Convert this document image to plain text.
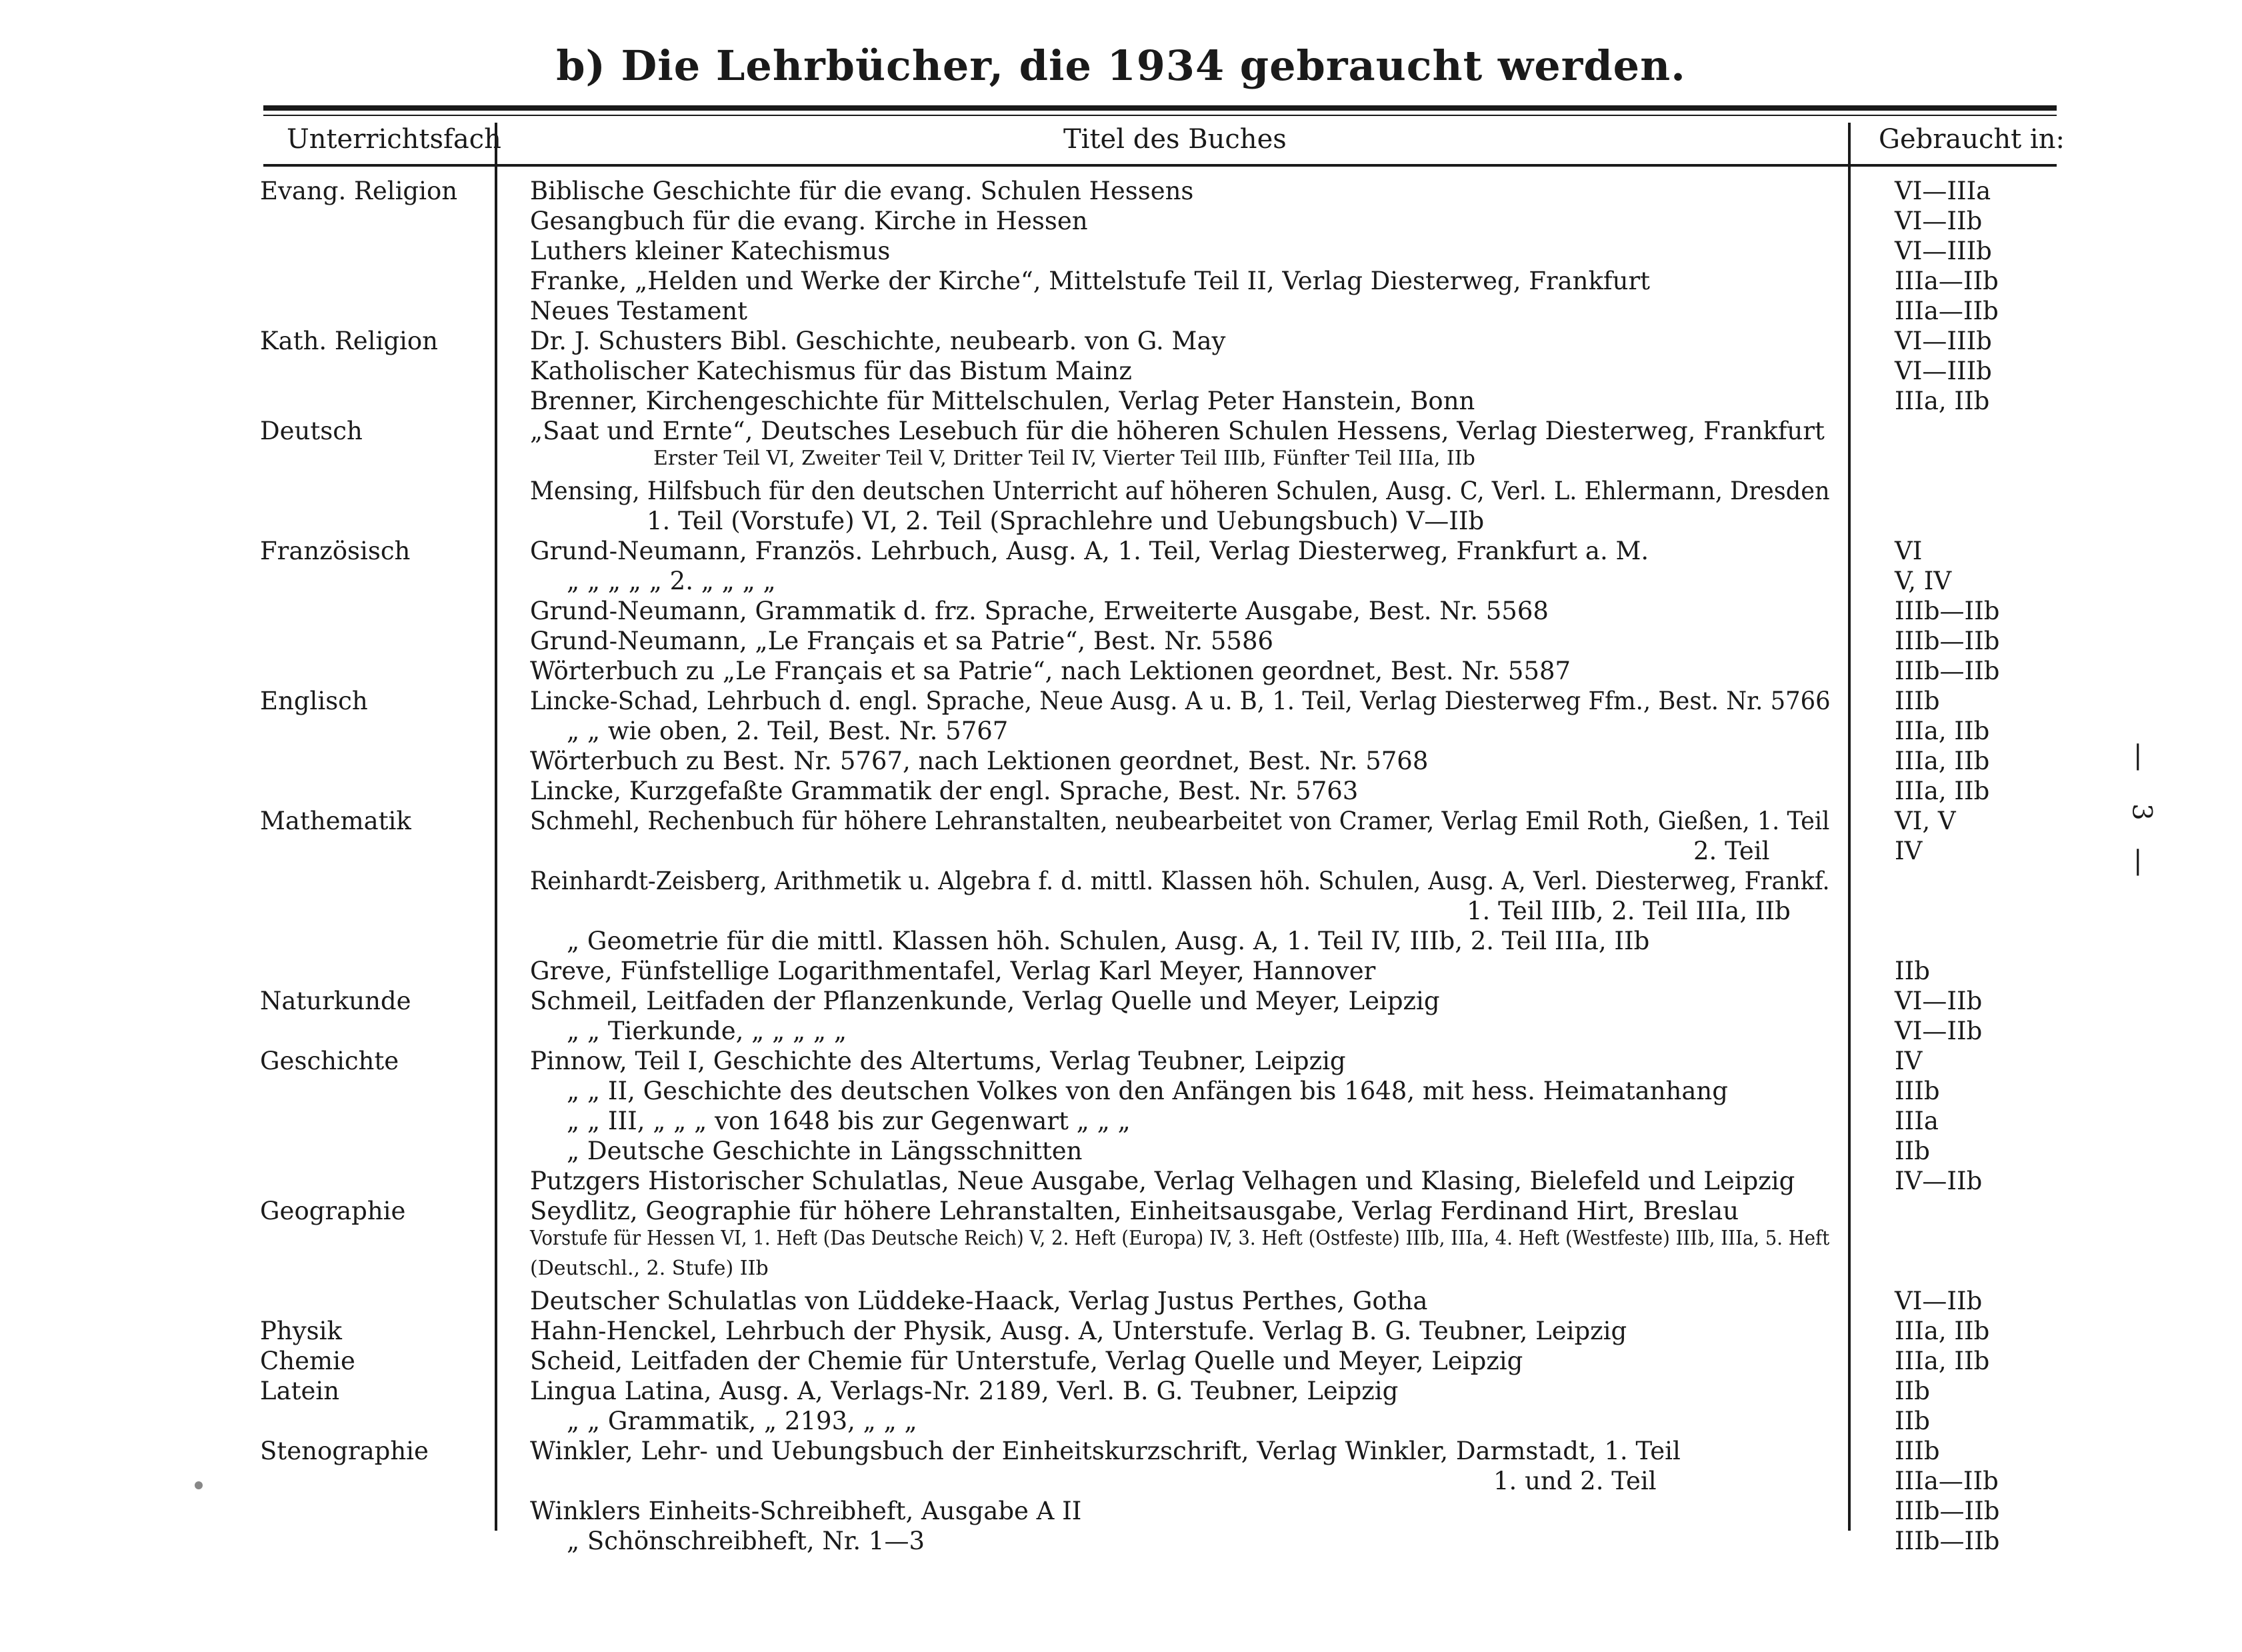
b) Die Lehrbücher, die 1934 gebraucht werden.
Unterrichtsfach	Titel des Buches	Gebraucht in:
Evang. Religion	Biblische Geschichte für die evang. Schulen Hessens	VI—IIIa
Gesangbuch für die evang. Kirche in Hessen	VI—IIb
Luthers kleiner Katechismus	VI—IIIb
Franke, „Helden und Werke der Kirche“, Mittelstufe Teil II, Verlag Diesterweg, Frankfurt	IIIa—IIb
Neues Testament	IIIa—IIb
Kath. Religion	Dr. J. Schusters Bibl. Geschichte, neubearb. von G. May	VI—IIIb
Katholischer Katechismus für das Bistum Mainz	VI—IIIb
Brenner, Kirchengeschichte für Mittelschulen, Verlag Peter Hanstein, Bonn	IIIa, IIb
Deutsch	„Saat und Ernte“, Deutsches Lesebuch für die höheren Schulen Hessens, Verlag Diesterweg, Frankfurt
Erster Teil VI, Zweiter Teil V, Dritter Teil IV, Vierter Teil IIIb, Fünfter Teil IIIa, IIb
Mensing, Hilfsbuch für den deutschen Unterricht auf höheren Schulen, Ausg. C, Verl. L. Ehlermann, Dresden
1. Teil (Vorstufe) VI, 2. Teil (Sprachlehre und Uebungsbuch) V—IIb
Französisch	Grund-Neumann, Französ. Lehrbuch, Ausg. A, 1. Teil, Verlag Diesterweg, Frankfurt a. M.	VI
„ „ „ „ „ 2. „ „ „ „	V, IV
Grund-Neumann, Grammatik d. frz. Sprache, Erweiterte Ausgabe, Best. Nr. 5568	IIIb—IIb
Grund-Neumann, „Le Français et sa Patrie“, Best. Nr. 5586	IIIb—IIb
Wörterbuch zu „Le Français et sa Patrie“, nach Lektionen geordnet, Best. Nr. 5587	IIIb—IIb
Englisch	Lincke-Schad, Lehrbuch d. engl. Sprache, Neue Ausg. A u. B, 1. Teil, Verlag Diesterweg Ffm., Best. Nr. 5766	IIIb
„ „ wie oben, 2. Teil, Best. Nr. 5767	IIIa, IIb
Wörterbuch zu Best. Nr. 5767, nach Lektionen geordnet, Best. Nr. 5768	IIIa, IIb
Lincke, Kurzgefaßte Grammatik der engl. Sprache, Best. Nr. 5763	IIIa, IIb
Mathematik	Schmehl, Rechenbuch für höhere Lehranstalten, neubearbeitet von Cramer, Verlag Emil Roth, Gießen, 1. Teil	VI, V
2. Teil	IV
Reinhardt-Zeisberg, Arithmetik u. Algebra f. d. mittl. Klassen höh. Schulen, Ausg. A, Verl. Diesterweg, Frankf.
1. Teil IIIb, 2. Teil IIIa, IIb
„ Geometrie für die mittl. Klassen höh. Schulen, Ausg. A, 1. Teil IV, IIIb, 2. Teil IIIa, IIb
Greve, Fünfstellige Logarithmentafel, Verlag Karl Meyer, Hannover	IIb
Naturkunde	Schmeil, Leitfaden der Pflanzenkunde, Verlag Quelle und Meyer, Leipzig	VI—IIb
„ „ Tierkunde, „ „ „ „ „	VI—IIb
Geschichte	Pinnow, Teil I, Geschichte des Altertums, Verlag Teubner, Leipzig	IV
„ „ II, Geschichte des deutschen Volkes von den Anfängen bis 1648, mit hess. Heimatanhang	IIIb
„ „ III, „ „ „ von 1648 bis zur Gegenwart „ „ „	IIIa
„ Deutsche Geschichte in Längsschnitten	IIb
Putzgers Historischer Schulatlas, Neue Ausgabe, Verlag Velhagen und Klasing, Bielefeld und Leipzig	IV—IIb
Geographie	Seydlitz, Geographie für höhere Lehranstalten, Einheitsausgabe, Verlag Ferdinand Hirt, Breslau
Vorstufe für Hessen VI, 1. Heft (Das Deutsche Reich) V, 2. Heft (Europa) IV, 3. Heft (Ostfeste) IIIb, IIIa, 4. Heft (Westfeste) IIIb, IIIa, 5. Heft
(Deutschl., 2. Stufe) IIb
Deutscher Schulatlas von Lüddeke-Haack, Verlag Justus Perthes, Gotha	VI—IIb
Physik	Hahn-Henckel, Lehrbuch der Physik, Ausg. A, Unterstufe. Verlag B. G. Teubner, Leipzig	IIIa, IIb
Chemie	Scheid, Leitfaden der Chemie für Unterstufe, Verlag Quelle und Meyer, Leipzig	IIIa, IIb
Latein	Lingua Latina, Ausg. A, Verlags-Nr. 2189, Verl. B. G. Teubner, Leipzig	IIb
„ „ Grammatik, „ 2193, „ „ „	IIb
Stenographie	Winkler, Lehr- und Uebungsbuch der Einheitskurzschrift, Verlag Winkler, Darmstadt, 1. Teil	IIIb
1. und 2. Teil	IIIa—IIb
Winklers Einheits-Schreibheft, Ausgabe A II	IIIb—IIb
„ Schönschreibheft, Nr. 1—3	IIIb—IIb
|
3
|
